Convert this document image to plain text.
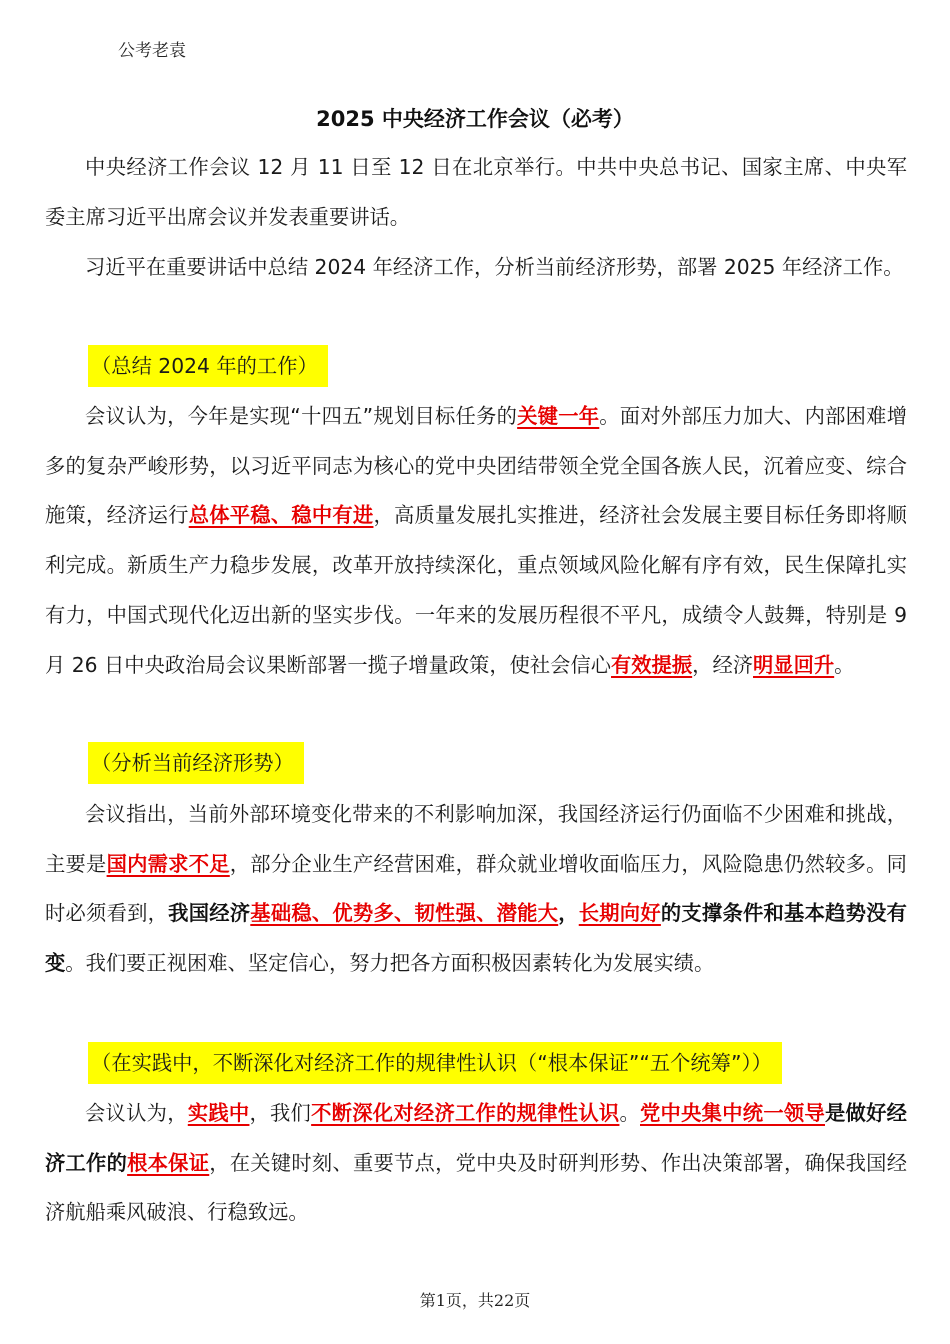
公考老袁
2025 中央经济工作会议（必考）
中央经济工作会议 12 月 11 日至 12 日在北京举行。中共中央总书记、国家主席、中央军委主席习近平出席会议并发表重要讲话。
习近平在重要讲话中总结 2024 年经济工作，分析当前经济形势，部署 2025 年经济工作。
（总结 2024 年的工作）
会议认为，今年是实现“十四五”规划目标任务的关键一年。面对外部压力加大、内部困难增多的复杂严峻形势，以习近平同志为核心的党中央团结带领全党全国各族人民，沉着应变、综合施策，经济运行总体平稳、稳中有进，高质量发展扎实推进，经济社会发展主要目标任务即将顺利完成。新质生产力稳步发展，改革开放持续深化，重点领域风险化解有序有效，民生保障扎实有力，中国式现代化迈出新的坚实步伐。一年来的发展历程很不平凡，成绩令人鼓舞，特别是 9 月 26 日中央政治局会议果断部署一揽子增量政策，使社会信心有效提振，经济明显回升。
（分析当前经济形势）
会议指出，当前外部环境变化带来的不利影响加深，我国经济运行仍面临不少困难和挑战，主要是国内需求不足，部分企业生产经营困难，群众就业增收面临压力，风险隐患仍然较多。同时必须看到，我国经济基础稳、优势多、韧性强、潜能大，长期向好的支撑条件和基本趋势没有变。我们要正视困难、坚定信心，努力把各方面积极因素转化为发展实绩。
（在实践中，不断深化对经济工作的规律性认识（“根本保证”“五个统筹”））
会议认为，实践中，我们不断深化对经济工作的规律性认识。党中央集中统一领导是做好经济工作的根本保证，在关键时刻、重要节点，党中央及时研判形势、作出决策部署，确保我国经济航船乘风破浪、行稳致远。
第1页，共22页
